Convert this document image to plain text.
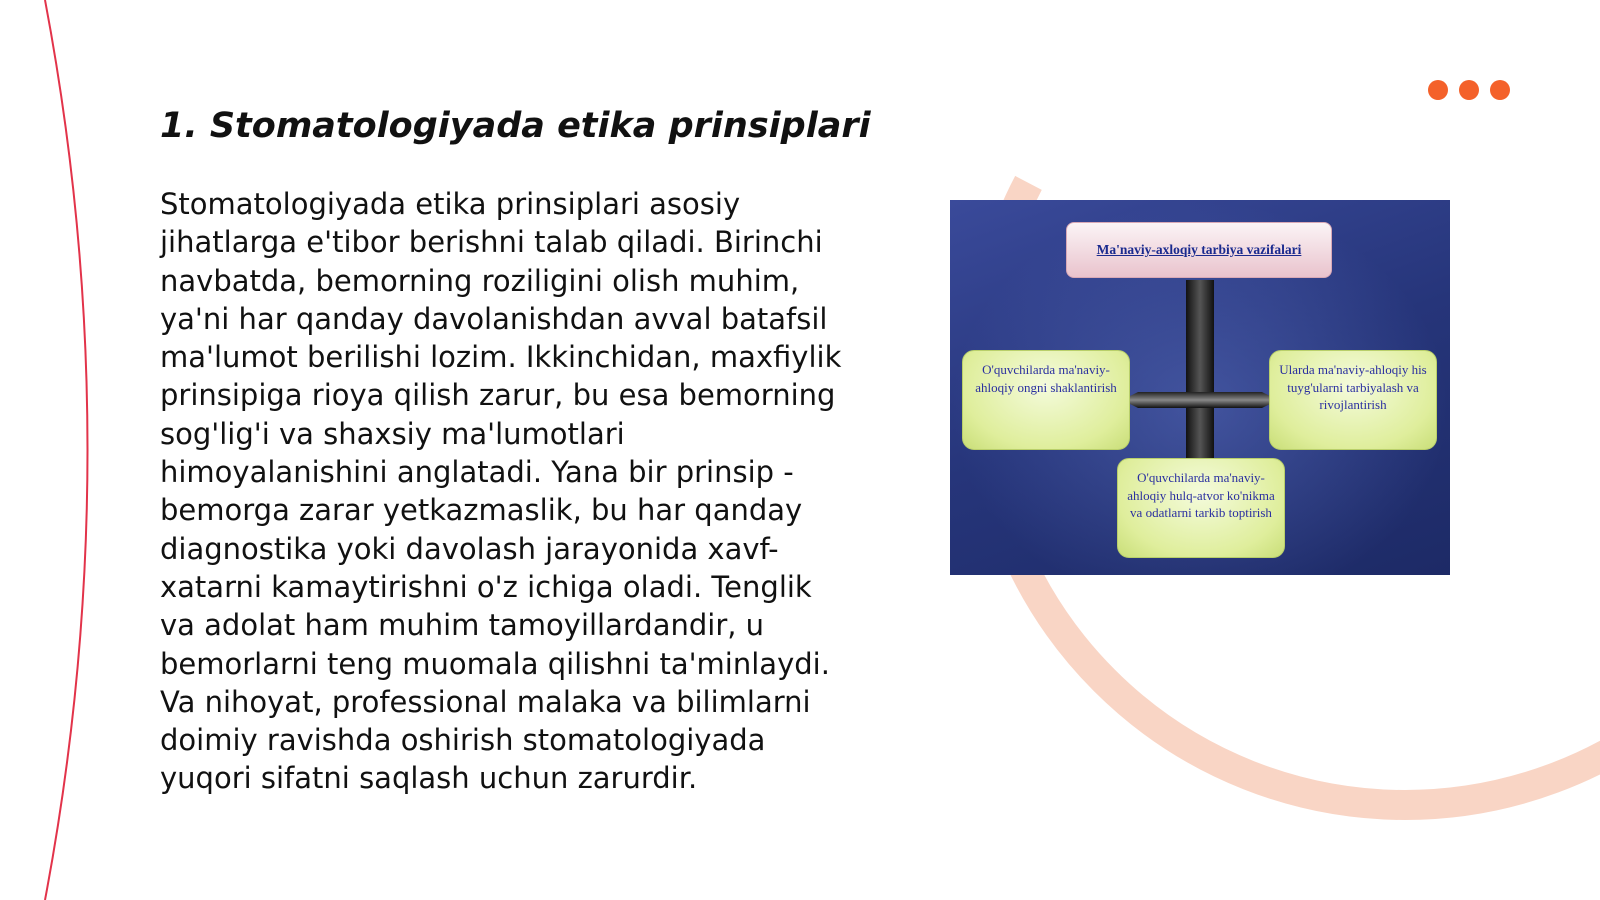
1. Stomatologiyada etika prinsiplari

Stomatologiyada etika prinsiplari asosiy jihatlarga e'tibor berishni talab qiladi. Birinchi navbatda, bemorning roziligini olish muhim, ya'ni har qanday davolanishdan avval batafsil ma'lumot berilishi lozim. Ikkinchidan, maxfiylik prinsipiga rioya qilish zarur, bu esa bemorning sog'lig'i va shaxsiy ma'lumotlari himoyalanishini anglatadi. Yana bir prinsip - bemorga zarar yetkazmaslik, bu har qanday diagnostika yoki davolash jarayonida xavf-xatarni kamaytirishni o'z ichiga oladi. Tenglik va adolat ham muhim tamoyillardandir, u bemorlarni teng muomala qilishni ta'minlaydi. Va nihoyat, professional malaka va bilimlarni doimiy ravishda oshirish stomatologiyada yuqori sifatni saqlash uchun zarurdir.

Ma'naviy-axloqiy tarbiya vazifalari
O'quvchilarda ma'naviy-ahloqiy ongni shaklantirish
Ularda ma'naviy-ahloqiy his tuyg'ularni tarbiyalash va rivojlantirish
O'quvchilarda ma'naviy-ahloqiy hulq-atvor ko'nikma va odatlarni tarkib toptirish
